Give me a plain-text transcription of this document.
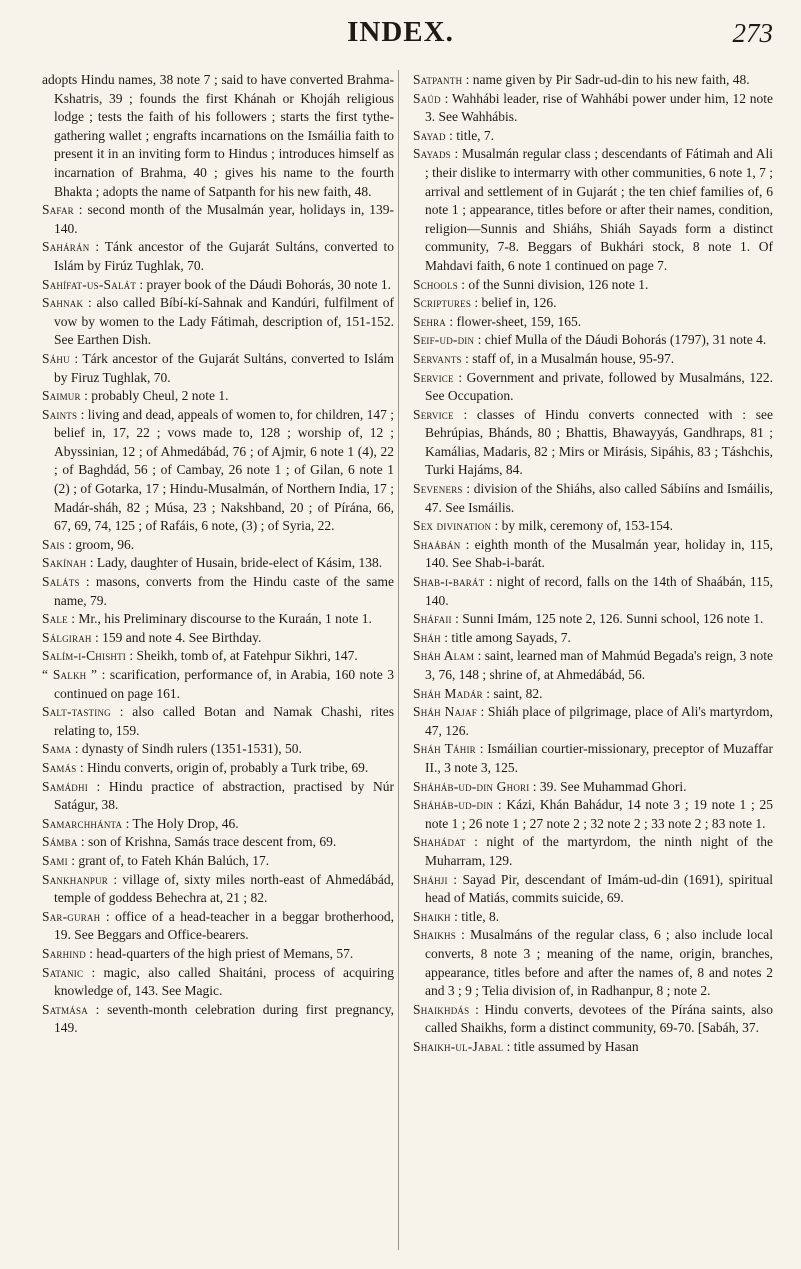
INDEX.	273

adopts Hindu names, 38 note 7 ; said to have converted Brahma-Kshatris, 39 ; founds the first Khánah or Khojáh religious lodge ; tests the faith of his followers ; starts the first tythe-gathering wallet ; engrafts incarnations on the Ismáilia faith to present it in an inviting form to Hindus ; introduces himself as incarnation of Brahma, 40 ; gives his name to the fourth Bhakta ; adopts the name of Satpanth for his new faith, 48.

Safar : second month of the Musalmán year, holidays in, 139-140.

Sahárán : Tánk ancestor of the Gujarát Sultáns, converted to Islám by Firúz Tughlak, 70.

Sahífat-us-Salát : prayer book of the Dáudi Bohorás, 30 note 1.

Sahnak : also called Bíbí-kí-Sahnak and Kandúri, fulfilment of vow by women to the Lady Fátimah, description of, 151-152. See Earthen Dish.

Sáhu : Tárk ancestor of the Gujarát Sultáns, converted to Islám by Firuz Tughlak, 70.

Saimur : probably Cheul, 2 note 1.

Saints : living and dead, appeals of women to, for children, 147 ; belief in, 17, 22 ; vows made to, 128 ; worship of, 12 ; Abyssinian, 12 ; of Ahmedábád, 76 ; of Ajmir, 6 note 1 (4), 22 ; of Baghdád, 56 ; of Cambay, 26 note 1 ; of Gilan, 6 note 1 (2) ; of Gotarka, 17 ; Hindu-Musalmán, of Northern India, 17 ; Madár-sháh, 82 ; Músa, 23 ; Nakshband, 20 ; of Pírána, 66, 67, 69, 74, 125 ; of Rafáis, 6 note, (3) ; of Syria, 22.

Sais : groom, 96.

Sakínah : Lady, daughter of Husain, bride-elect of Kásim, 138.

Saláts : masons, converts from the Hindu caste of the same name, 79.

Sale : Mr., his Preliminary discourse to the Kuraán, 1 note 1.

Sálgirah : 159 and note 4. See Birthday.

Salím-i-Chishti : Sheikh, tomb of, at Fatehpur Sikhri, 147.

“ Salkh ” : scarification, performance of, in Arabia, 160 note 3 continued on page 161.

Salt-tasting : also called Botan and Namak Chashi, rites relating to, 159.

Sama : dynasty of Sindh rulers (1351-1531), 50.

Samás : Hindu converts, origin of, probably a Turk tribe, 69.

Samádhi : Hindu practice of abstraction, practised by Núr Satágur, 38.

Samarchhánta : The Holy Drop, 46.

Sámba : son of Krishna, Samás trace descent from, 69.

Sami : grant of, to Fateh Khán Balúch, 17.

Sankhanpur : village of, sixty miles north-east of Ahmedábád, temple of goddess Behechra at, 21 ; 82.

Sar-gurah : office of a head-teacher in a beggar brotherhood, 19. See Beggars and Office-bearers.

Sarhind : head-quarters of the high priest of Memans, 57.

Satanic : magic, also called Shaitáni, process of acquiring knowledge of, 143. See Magic.

Satmása : seventh-month celebration during first pregnancy, 149.

Satpanth : name given by Pir Sadr-ud-din to his new faith, 48.

Saúd : Wahhábi leader, rise of Wahhábi power under him, 12 note 3. See Wahhábis.

Sayad : title, 7.

Sayads : Musalmán regular class ; descendants of Fátimah and Ali ; their dislike to intermarry with other communities, 6 note 1, 7 ; arrival and settlement of in Gujarát ; the ten chief families of, 6 note 1 ; appearance, titles before or after their names, condition, religion—Sunnis and Shiáhs, Shiáh Sayads form a distinct community, 7-8. Beggars of Bukhári stock, 8 note 1. Of Mahdavi faith, 6 note 1 continued on page 7.

Schools : of the Sunni division, 126 note 1.

Scriptures : belief in, 126.

Sehra : flower-sheet, 159, 165.

Seif-ud-din : chief Mulla of the Dáudi Bohorás (1797), 31 note 4.

Servants : staff of, in a Musalmán house, 95-97.

Service : Government and private, followed by Musalmáns, 122. See Occupation.

Service : classes of Hindu converts connected with : see Behrúpias, Bhánds, 80 ; Bhattis, Bhawayyás, Gandhraps, 81 ; Kamálias, Madaris, 82 ; Mirs or Mirásis, Sipáhis, 83 ; Táshchis, Turki Hajáms, 84.

Seveners : division of the Shiáhs, also called Sábiíns and Ismáilis, 47. See Ismáilis.

Sex divination : by milk, ceremony of, 153-154.

Shaábán : eighth month of the Musalmán year, holiday in, 115, 140. See Shab-i-barát.

Shab-i-barát : night of record, falls on the 14th of Shaábán, 115, 140.

Sháfaii : Sunni Imám, 125 note 2, 126. Sunni school, 126 note 1.

Sháh : title among Sayads, 7.

Sháh Alam : saint, learned man of Mahmúd Begada's reign, 3 note 3, 76, 148 ; shrine of, at Ahmedábád, 56.

Sháh Madár : saint, 82.

Sháh Najaf : Shiáh place of pilgrimage, place of Ali's martyrdom, 47, 126.

Sháh Táhir : Ismáilian courtier-missionary, preceptor of Muzaffar II., 3 note 3, 125.

Sháháb-ud-din Ghori : 39. See Muhammad Ghori.

Sháháb-ud-din : Kázi, Khán Bahádur, 14 note 3 ; 19 note 1 ; 25 note 1 ; 26 note 1 ; 27 note 2 ; 32 note 2 ; 33 note 2 ; 83 note 1.

Shahádat : night of the martyrdom, the ninth night of the Muharram, 129.

Sháhji : Sayad Pir, descendant of Imám-ud-din (1691), spiritual head of Matiás, commits suicide, 69.

Shaikh : title, 8.

Shaikhs : Musalmáns of the regular class, 6 ; also include local converts, 8 note 3 ; meaning of the name, origin, branches, appearance, titles before and after the names of, 8 and notes 2 and 3 ; 9 ; Telia division of, in Radhanpur, 8 ; note 2.

Shaikhdás : Hindu converts, devotees of the Pírána saints, also called Shaikhs, form a distinct community, 69-70. [Sabáh, 37.

Shaikh-ul-Jabal : title assumed by Hasan
